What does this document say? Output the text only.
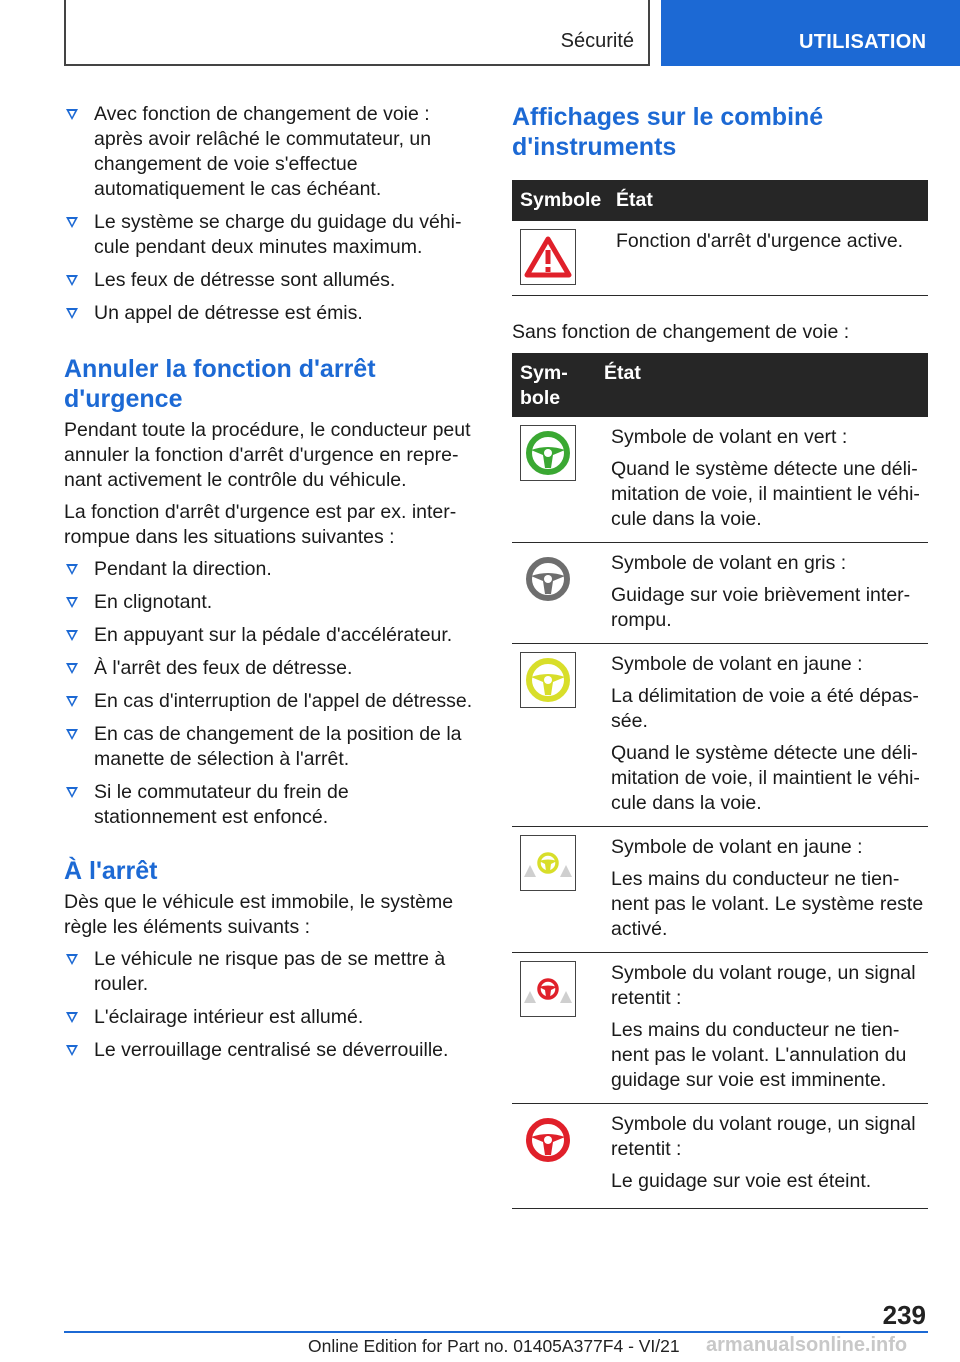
Sécurité	UTILISATION
Avec fonction de changement de voie : après avoir relâché le commutateur, un changement de voie s'effectue automatiquement le cas échéant.
Le système se charge du guidage du véhicule pendant deux minutes maximum.
Les feux de détresse sont allumés.
Un appel de détresse est émis.
Annuler la fonction d'arrêt d'urgence

Pendant toute la procédure, le conducteur peut annuler la fonction d'arrêt d'urgence en reprenant activement le contrôle du véhicule.

La fonction d'arrêt d'urgence est par ex. interrompue dans les situations suivantes :

Pendant la direction.
En clignotant.
En appuyant sur la pédale d'accélérateur.
À l'arrêt des feux de détresse.
En cas d'interruption de l'appel de détresse.
En cas de changement de la position de la manette de sélection à l'arrêt.
Si le commutateur du frein de stationnement est enfoncé.
À l'arrêt

Dès que le véhicule est immobile, le système règle les éléments suivants :

Le véhicule ne risque pas de se mettre à rouler.
L'éclairage intérieur est allumé.
Le verrouillage centralisé se déverrouille.
Affichages sur le combiné d'instruments
Symbole État

Fonction d'arrêt d'urgence active.

Sans fonction de changement de voie :

Symbole
État

Symbole de volant en vert :

Quand le système détecte une délimitation de voie, il maintient le véhicule dans la voie.

Symbole de volant en gris :

Guidage sur voie brièvement interrompu.

Symbole de volant en jaune :

La délimitation de voie a été dépassée.

Quand le système détecte une délimitation de voie, il maintient le véhicule dans la voie.

Symbole de volant en jaune :

Les mains du conducteur ne tiennent pas le volant. Le système reste activé.

Symbole du volant rouge, un signal retentit :

Les mains du conducteur ne tiennent pas le volant. L'annulation du guidage sur voie est imminente.

Symbole du volant rouge, un signal retentit :

Le guidage sur voie est éteint.

239
Online Edition for Part no. 01405A377F4 - VI/21 armanualsonline.info
